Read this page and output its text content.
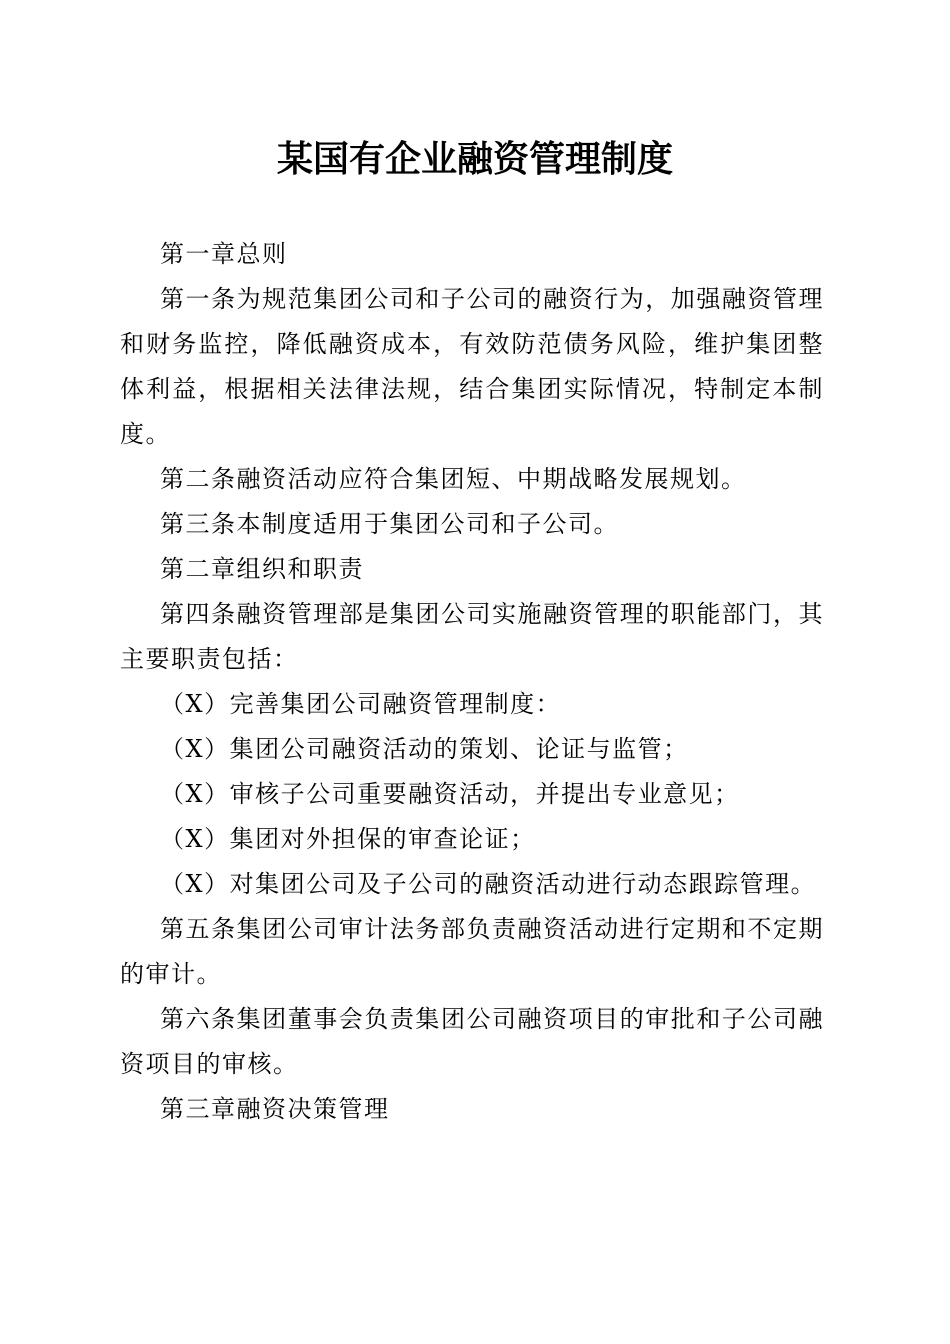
某国有企业融资管理制度

第一章总则

第一条为规范集团公司和子公司的融资行为，加强融资管理和财务监控，降低融资成本，有效防范债务风险，维护集团整体利益，根据相关法律法规，结合集团实际情况，特制定本制度。

第二条融资活动应符合集团短、中期战略发展规划。

第三条本制度适用于集团公司和子公司。

第二章组织和职责

第四条融资管理部是集团公司实施融资管理的职能部门，其主要职责包括：

（X）完善集团公司融资管理制度：

（X）集团公司融资活动的策划、论证与监管；

（X）审核子公司重要融资活动，并提出专业意见；

（X）集团对外担保的审查论证；

（X）对集团公司及子公司的融资活动进行动态跟踪管理。

第五条集团公司审计法务部负责融资活动进行定期和不定期的审计。

第六条集团董事会负责集团公司融资项目的审批和子公司融资项目的审核。

第三章融资决策管理
